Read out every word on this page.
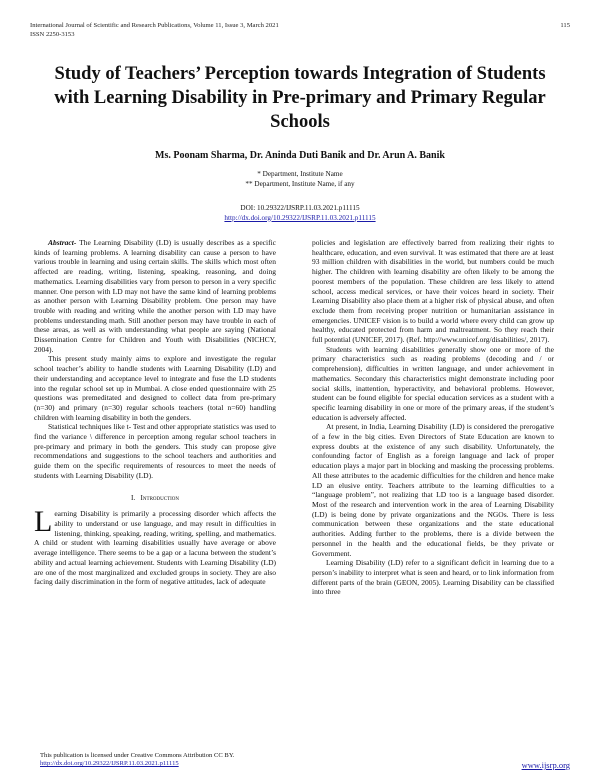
International Journal of Scientific and Research Publications, Volume 11, Issue 3, March 2021
ISSN 2250-3153
115
Study of Teachers’ Perception towards Integration of Students with Learning Disability in Pre-primary and Primary Regular Schools
Ms. Poonam Sharma, Dr. Aninda Duti Banik and Dr. Arun A. Banik
* Department, Institute Name
** Department, Institute Name, if any
DOI: 10.29322/IJSRP.11.03.2021.p11115
http://dx.doi.org/10.29322/IJSRP.11.03.2021.p11115

Abstract- The Learning Disability (LD) is usually describes as a specific kinds of learning problems. A learning disability can cause a person to have various trouble in learning and using certain skills. The skills which most often affected are reading, writing, listening, speaking, reasoning, and doing mathematics. Learning disabilities vary from person to person in a very specific manner. One person with LD may not have the same kind of learning problems as another person with Learning Disability problem. One person may have trouble with reading and writing while the another person with LD may have problems understanding math. Still another person may have trouble in each of these areas, as well as with understanding what people are saying (National Dissemination Centre for Children and Youth with Disabilities (NICHCY, 2004).

This present study mainly aims to explore and investigate the regular school teacher’s ability to handle students with Learning Disability (LD) and their understanding and acceptance level to integrate and fuse the LD students into the regular school set up in Mumbai. A close ended questionnaire with 25 questions was premeditated and designed to collect data from pre-primary (n=30) and primary (n=30) regular schools teachers (total n=60) handling children with learning disability in both the genders.

Statistical techniques like t- Test and other appropriate statistics was used to find the variance \ difference in perception among regular school teachers in pre-primary and primary in both the genders. This study can propose give recommendations and suggestions to the school teachers and authorities and guide them on the specific requirements of resources to meet the needs of students with Learning Disability (LD).

I. Introduction

Learning Disability is primarily a processing disorder which affects the ability to understand or use language, and may result in difficulties in listening, thinking, speaking, reading, writing, spelling, and mathematics. A child or student with learning disabilities usually have average or above average intelligence. There seems to be a gap or a lacuna between the student’s ability and actual learning achievement. Students with Learning Disability (LD) are one of the most marginalized and excluded groups in society. They are also facing daily discrimination in the form of negative attitudes, lack of adequate

policies and legislation are effectively barred from realizing their rights to healthcare, education, and even survival. It was estimated that there are at least 93 million children with disabilities in the world, but numbers could be much higher. The children with learning disability are often likely to be among the poorest members of the population. These children are less likely to attend school, access medical services, or have their voices heard in society. Their Learning Disability also place them at a higher risk of physical abuse, and often exclude them from receiving proper nutrition or humanitarian assistance in emergencies. UNICEF vision is to build a world where every child can grow up healthy, educated protected from harm and maltreatment. So they reach their full potential (UNICEF, 2017). (Ref. http://www.unicef.org/disabilities/, 2017).

Students with learning disabilities generally show one or more of the primary characteristics such as reading problems (decoding and / or comprehension), difficulties in written language, and under achievement in mathematics. Secondary this characteristics might demonstrate including poor social skills, inattention, hyperactivity, and behavioral problems. However, student can be found eligible for special education services as a student with a specific learning disability in one or more of the primary areas, if the student’s education is adversely affected.

At present, in India, Learning Disability (LD) is considered the prerogative of a few in the big cities. Even Directors of State Education are known to express doubts at the existence of any such disability. Unfortunately, the confounding factor of English as a foreign language and lack of proper education plays a major part in blocking and masking the processing problems. All these attributes to the academic difficulties for the children and hence make LD an elusive entity. Teachers attribute to the learning difficulties to a “language problem”, not realizing that LD too is a language based disorder. Most of the research and intervention work in the area of Learning Disability (LD) is being done by private organizations and the NGOs. There is less communication between these organizations and the state educational authorities. Adding further to the problems, there is a divide between the personnel in the health and the educational fields, be they private or Government.

Learning Disability (LD) refer to a significant deficit in learning due to a person’s inability to interpret what is seen and heard, or to link information from different parts of the brain (GEON, 2005). Learning Disability can be classified into three

This publication is licensed under Creative Commons Attribution CC BY.
http://dx.doi.org/10.29322/IJSRP.11.03.2021.p11115	www.ijsrp.org
